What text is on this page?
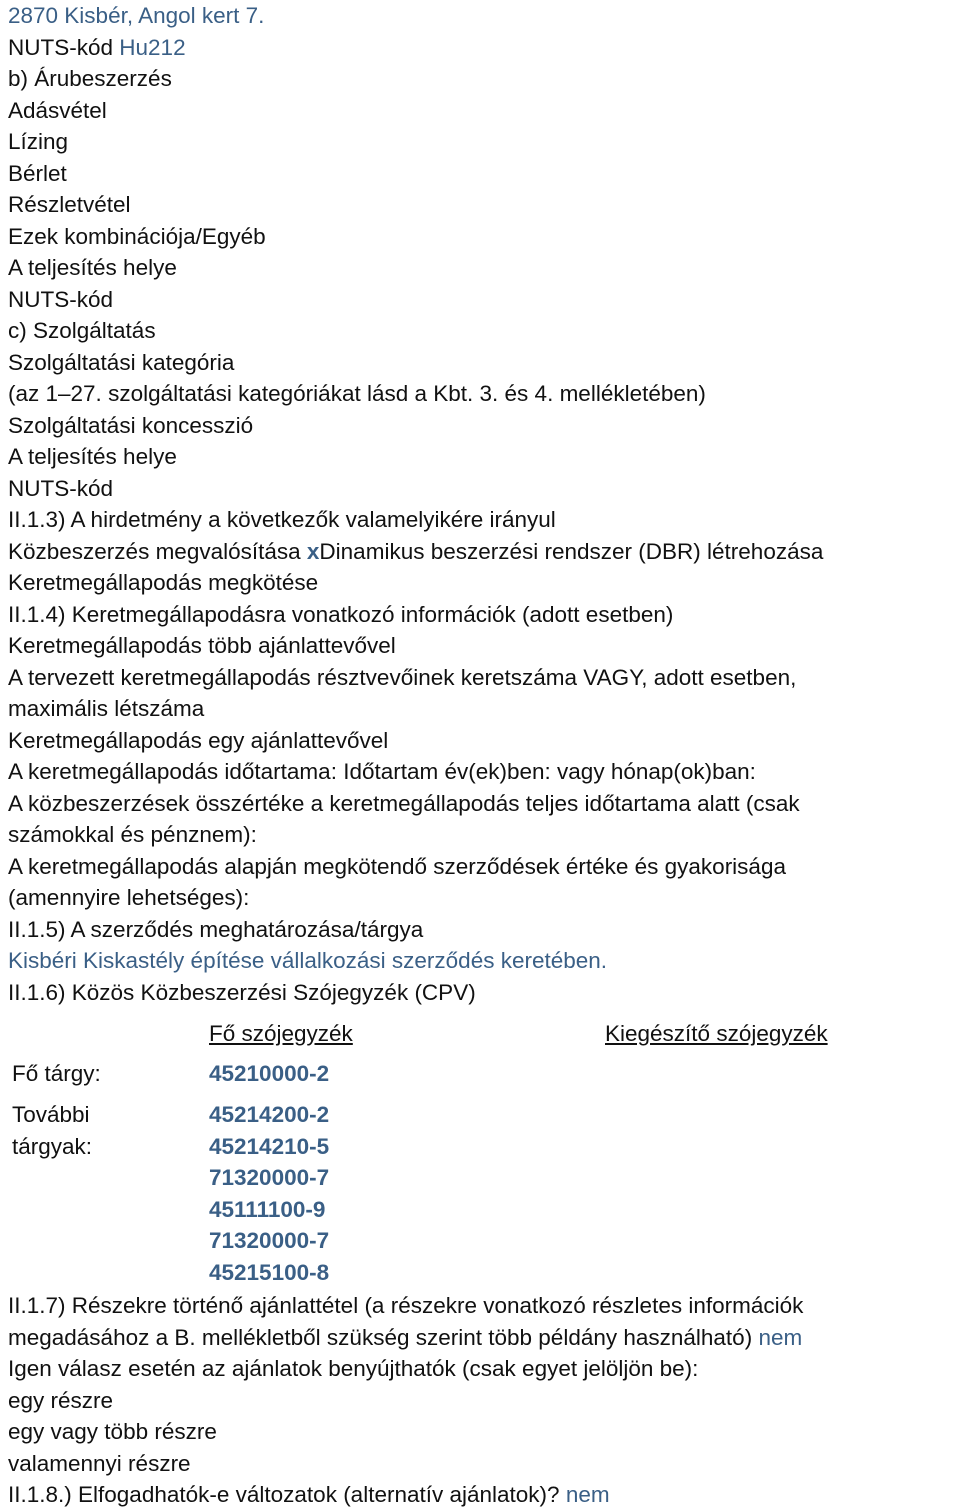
2870 Kisbér, Angol kert 7.
NUTS-kód Hu212
b) Árubeszerzés
Adásvétel
Lízing
Bérlet
Részletvétel
Ezek kombinációja/Egyéb
A teljesítés helye
NUTS-kód
c) Szolgáltatás
Szolgáltatási kategória
(az 1–27. szolgáltatási kategóriákat lásd a Kbt. 3. és 4. mellékletében)
Szolgáltatási koncesszió
A teljesítés helye
NUTS-kód
II.1.3) A hirdetmény a következők valamelyikére irányul
Közbeszerzés megvalósítása xDinamikus beszerzési rendszer (DBR) létrehozása
Keretmegállapodás megkötése
II.1.4) Keretmegállapodásra vonatkozó információk (adott esetben)
Keretmegállapodás több ajánlattevővel
A tervezett keretmegállapodás résztvevőinek keretszáma VAGY, adott esetben,
maximális létszáma
Keretmegállapodás egy ajánlattevővel
A keretmegállapodás időtartama: Időtartam év(ek)ben: vagy hónap(ok)ban:
A közbeszerzések összértéke a keretmegállapodás teljes időtartama alatt (csak
számokkal és pénznem):
A keretmegállapodás alapján megkötendő szerződések értéke és gyakorisága
(amennyire lehetséges):
II.1.5) A szerződés meghatározása/tárgya
Kisbéri Kiskastély építése vállalkozási szerződés keretében.
II.1.6) Közös Közbeszerzési Szójegyzék (CPV)
Fő szójegyzék	Kiegészítő szójegyzék
Fő tárgy:	45210000-2
További
tárgyak:
45214200-2
45214210-5
71320000-7
45111100-9
71320000-7
45215100-8
II.1.7) Részekre történő ajánlattétel (a részekre vonatkozó részletes információk
megadásához a B. mellékletből szükség szerint több példány használható) nem
Igen válasz esetén az ajánlatok benyújthatók (csak egyet jelöljön be):
egy részre
egy vagy több részre
valamennyi részre
II.1.8.) Elfogadhatók-e változatok (alternatív ajánlatok)? nem
